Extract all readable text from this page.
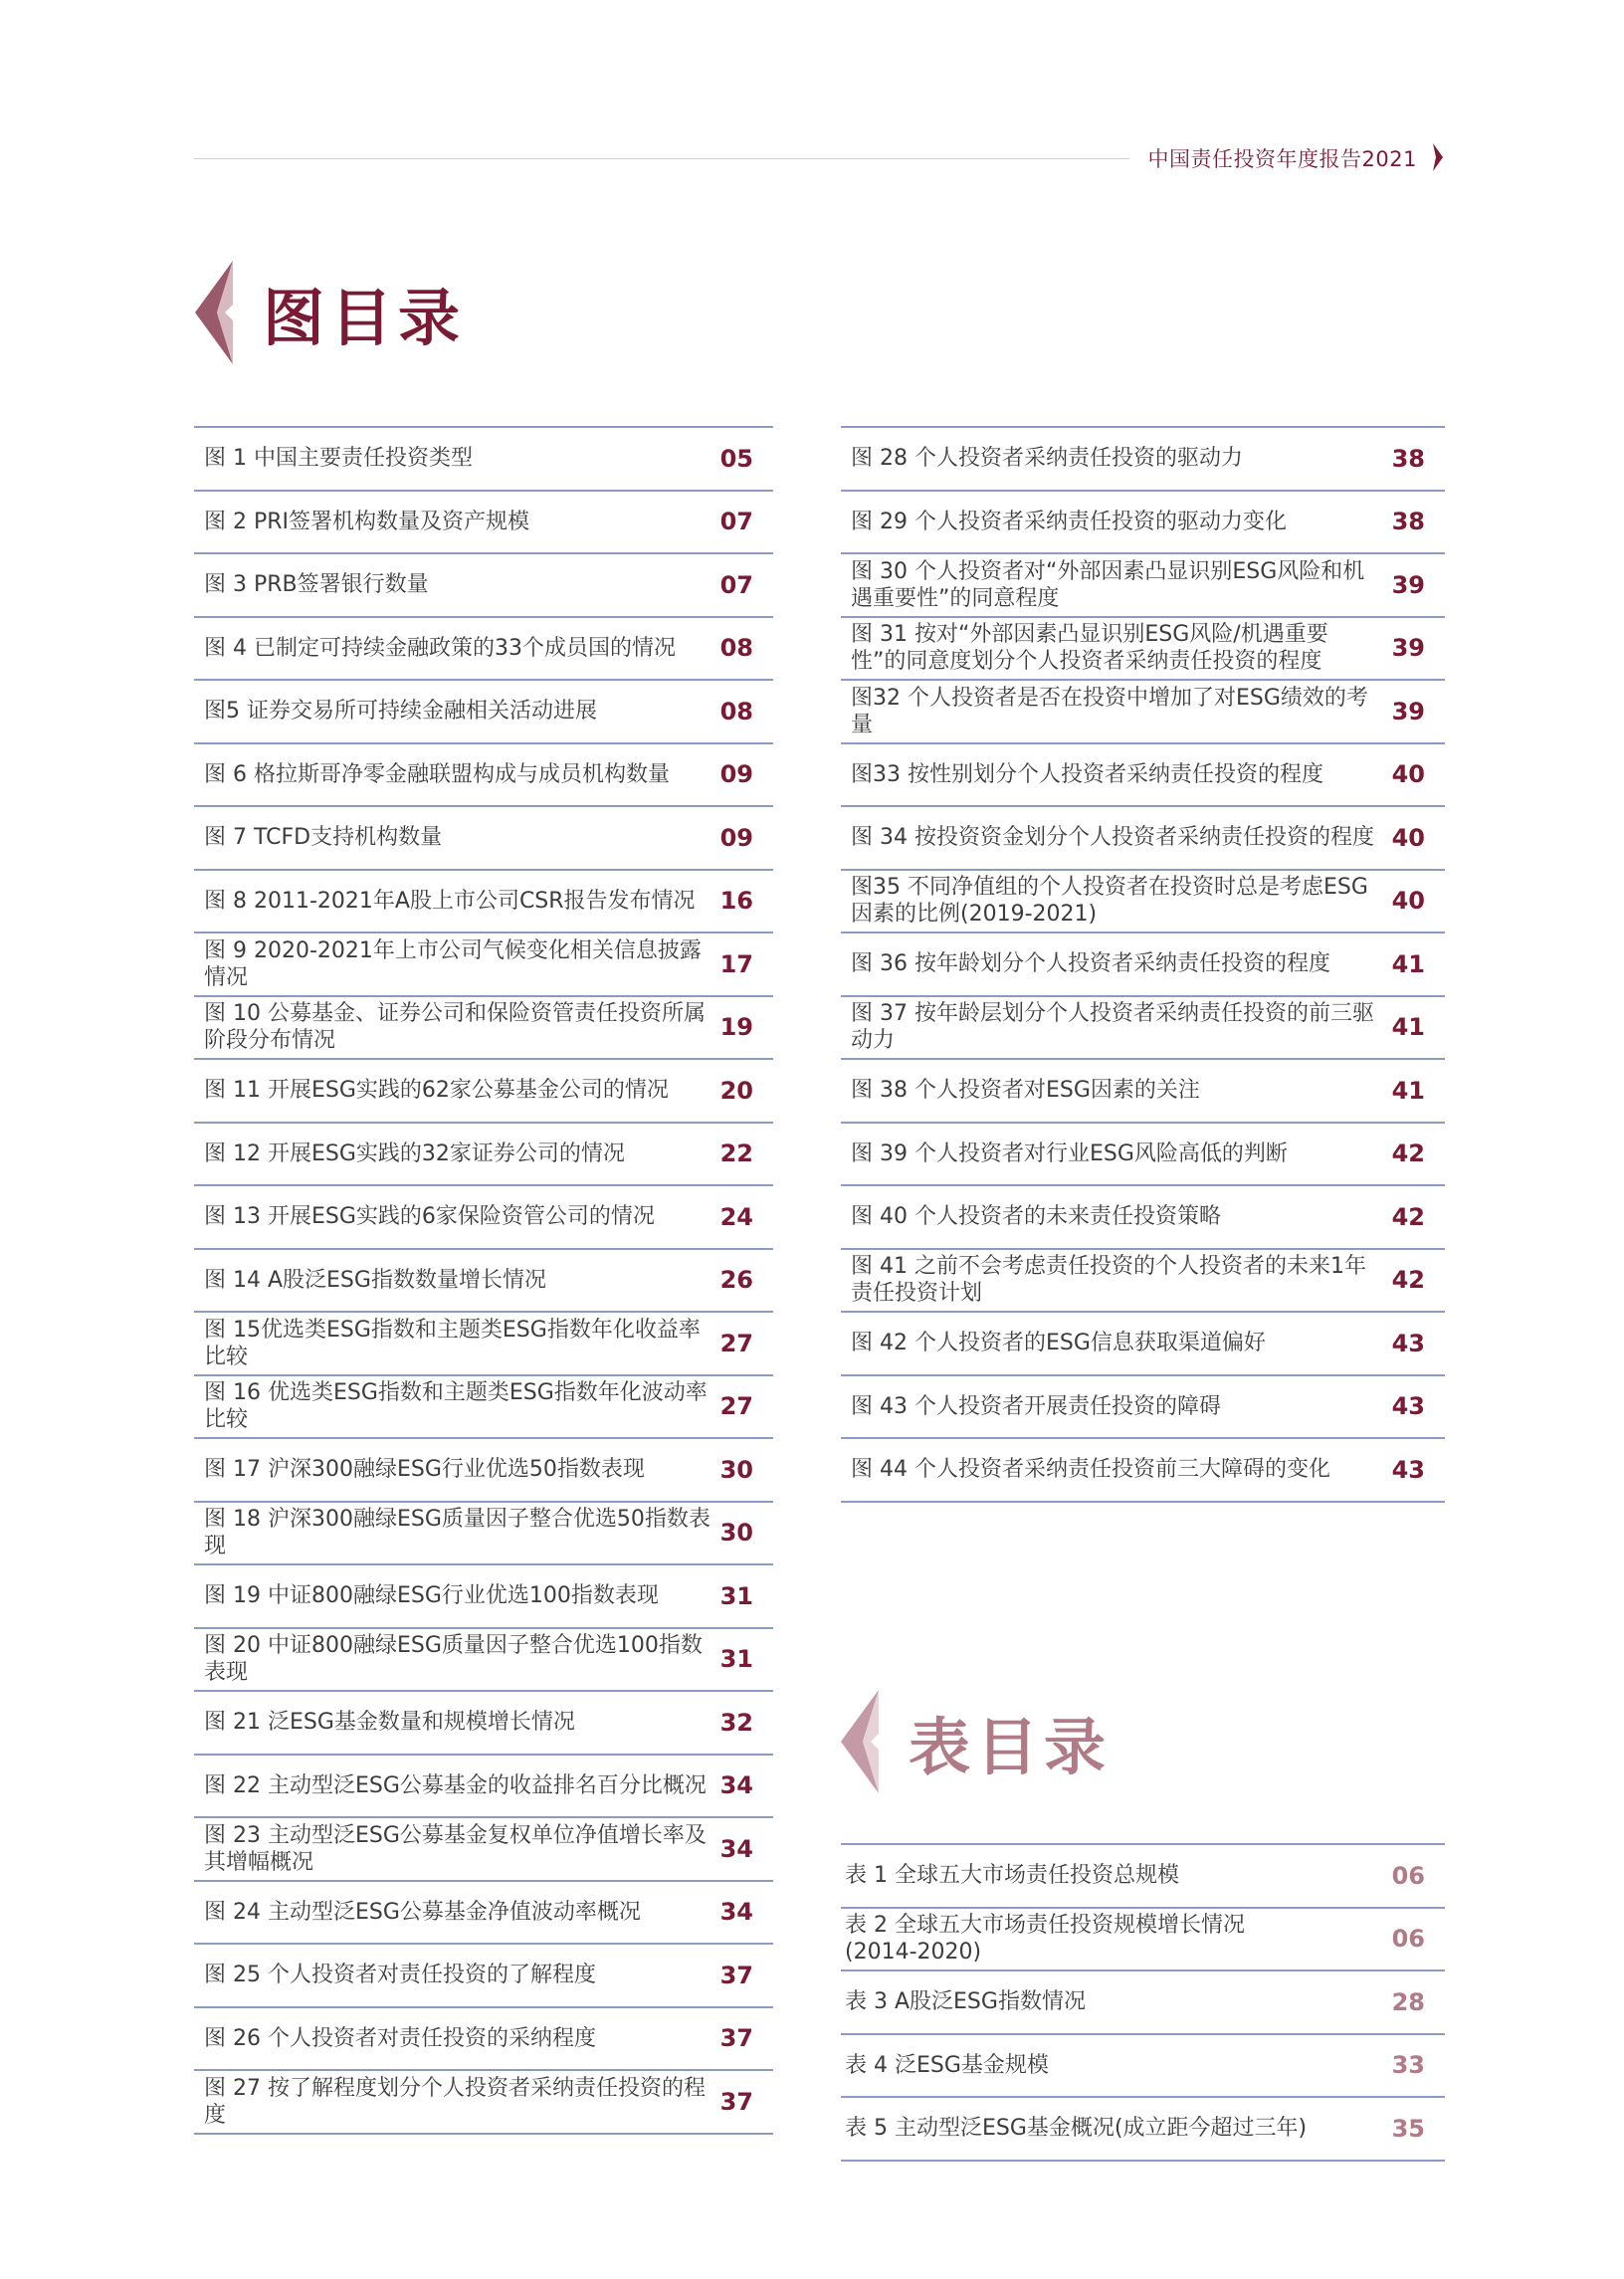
中国责任投资年度报告2021
图目录
图 1 中国主要责任投资类型	05
图 2 PRI签署机构数量及资产规模	07
图 3 PRB签署银行数量	07
图 4 已制定可持续金融政策的33个成员国的情况	08
图5 证券交易所可持续金融相关活动进展	08
图 6 格拉斯哥净零金融联盟构成与成员机构数量	09
图 7 TCFD支持机构数量	09
图 8 2011-2021年A股上市公司CSR报告发布情况	16
图 9 2020-2021年上市公司气候变化相关信息披露情况	17
图 10 公募基金、证券公司和保险资管责任投资所属阶段分布情况	19
图 11 开展ESG实践的62家公募基金公司的情况	20
图 12 开展ESG实践的32家证券公司的情况	22
图 13 开展ESG实践的6家保险资管公司的情况	24
图 14 A股泛ESG指数数量增长情况	26
图 15优选类ESG指数和主题类ESG指数年化收益率比较	27
图 16 优选类ESG指数和主题类ESG指数年化波动率比较	27
图 17 沪深300融绿ESG行业优选50指数表现	30
图 18 沪深300融绿ESG质量因子整合优选50指数表现	30
图 19 中证800融绿ESG行业优选100指数表现	31
图 20 中证800融绿ESG质量因子整合优选100指数表现	31
图 21 泛ESG基金数量和规模增长情况	32
图 22 主动型泛ESG公募基金的收益排名百分比概况 34
图 23 主动型泛ESG公募基金复权单位净值增长率及其增幅概况	34
图 24 主动型泛ESG公募基金净值波动率概况	34
图 25 个人投资者对责任投资的了解程度	37
图 26 个人投资者对责任投资的采纳程度	37
图 27 按了解程度划分个人投资者采纳责任投资的程度	37
图 28 个人投资者采纳责任投资的驱动力	38
图 29 个人投资者采纳责任投资的驱动力变化	38
图 30 个人投资者对“外部因素凸显识别ESG风险和机遇重要性”的同意程度	39
图 31 按对“外部因素凸显识别ESG风险/机遇重要性”的同意度划分个人投资者采纳责任投资的程度	39
图32 个人投资者是否在投资中增加了对ESG绩效的考量	39
图33 按性别划分个人投资者采纳责任投资的程度	40
图 34 按投资资金划分个人投资者采纳责任投资的程度 40
图35 不同净值组的个人投资者在投资时总是考虑ESG因素的比例(2019-2021)	40
图 36 按年龄划分个人投资者采纳责任投资的程度	41
图 37 按年龄层划分个人投资者采纳责任投资的前三驱动力	41
图 38 个人投资者对ESG因素的关注	41
图 39 个人投资者对行业ESG风险高低的判断	42
图 40 个人投资者的未来责任投资策略	42
图 41 之前不会考虑责任投资的个人投资者的未来1年责任投资计划	42
图 42 个人投资者的ESG信息获取渠道偏好	43
图 43 个人投资者开展责任投资的障碍	43
图 44 个人投资者采纳责任投资前三大障碍的变化	43
表目录
表 1 全球五大市场责任投资总规模	06
表 2 全球五大市场责任投资规模增长情况(2014-2020)	06
表 3 A股泛ESG指数情况	28
表 4 泛ESG基金规模	33
表 5 主动型泛ESG基金概况(成立距今超过三年)	35
